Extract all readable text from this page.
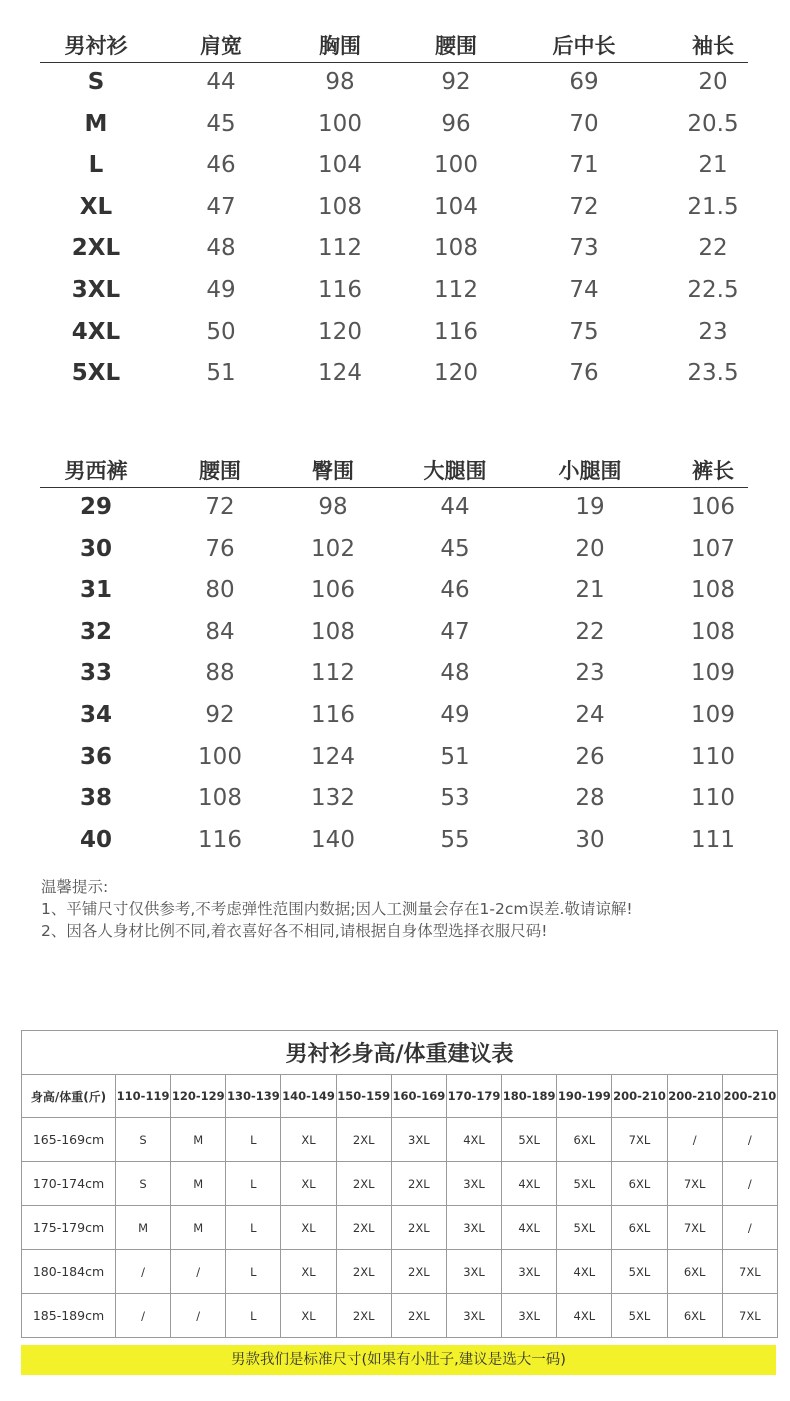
男衬衫	肩宽	胸围	腰围	后中长	袖长
S	44	98	92	69	20
M	45	100	96	70	20.5
L	46	104	100	71	21
XL	47	108	104	72	21.5
2XL	48	112	108	73	22
3XL	49	116	112	74	22.5
4XL	50	120	116	75	23
5XL	51	124	120	76	23.5
男西裤	腰围	臀围	大腿围	小腿围	裤长
29	72	98	44	19	106
30	76	102	45	20	107
31	80	106	46	21	108
32	84	108	47	22	108
33	88	112	48	23	109
34	92	116	49	24	109
36	100	124	51	26	110
38	108	132	53	28	110
40	116	140	55	30	111
温馨提示:
1、平铺尺寸仅供参考,不考虑弹性范围内数据;因人工测量会存在1-2cm误差.敬请谅解!
2、因各人身材比例不同,着衣喜好各不相同,请根据自身体型选择衣服尺码!
男衬衫身高/体重建议表												
身高/体重(斤)	110-119	120-129	130-139	140-149	150-159	160-169	170-179	180-189	190-199	200-210	200-210	200-210
165-169cm	S	M	L	XL	2XL	3XL	4XL	5XL	6XL	7XL	/	/
170-174cm	S	M	L	XL	2XL	2XL	3XL	4XL	5XL	6XL	7XL	/
175-179cm	M	M	L	XL	2XL	2XL	3XL	4XL	5XL	6XL	7XL	/
180-184cm	/	/	L	XL	2XL	2XL	3XL	3XL	4XL	5XL	6XL	7XL
185-189cm	/	/	L	XL	2XL	2XL	3XL	3XL	4XL	5XL	6XL	7XL
男款我们是标准尺寸(如果有小肚子,建议是选大一码)
